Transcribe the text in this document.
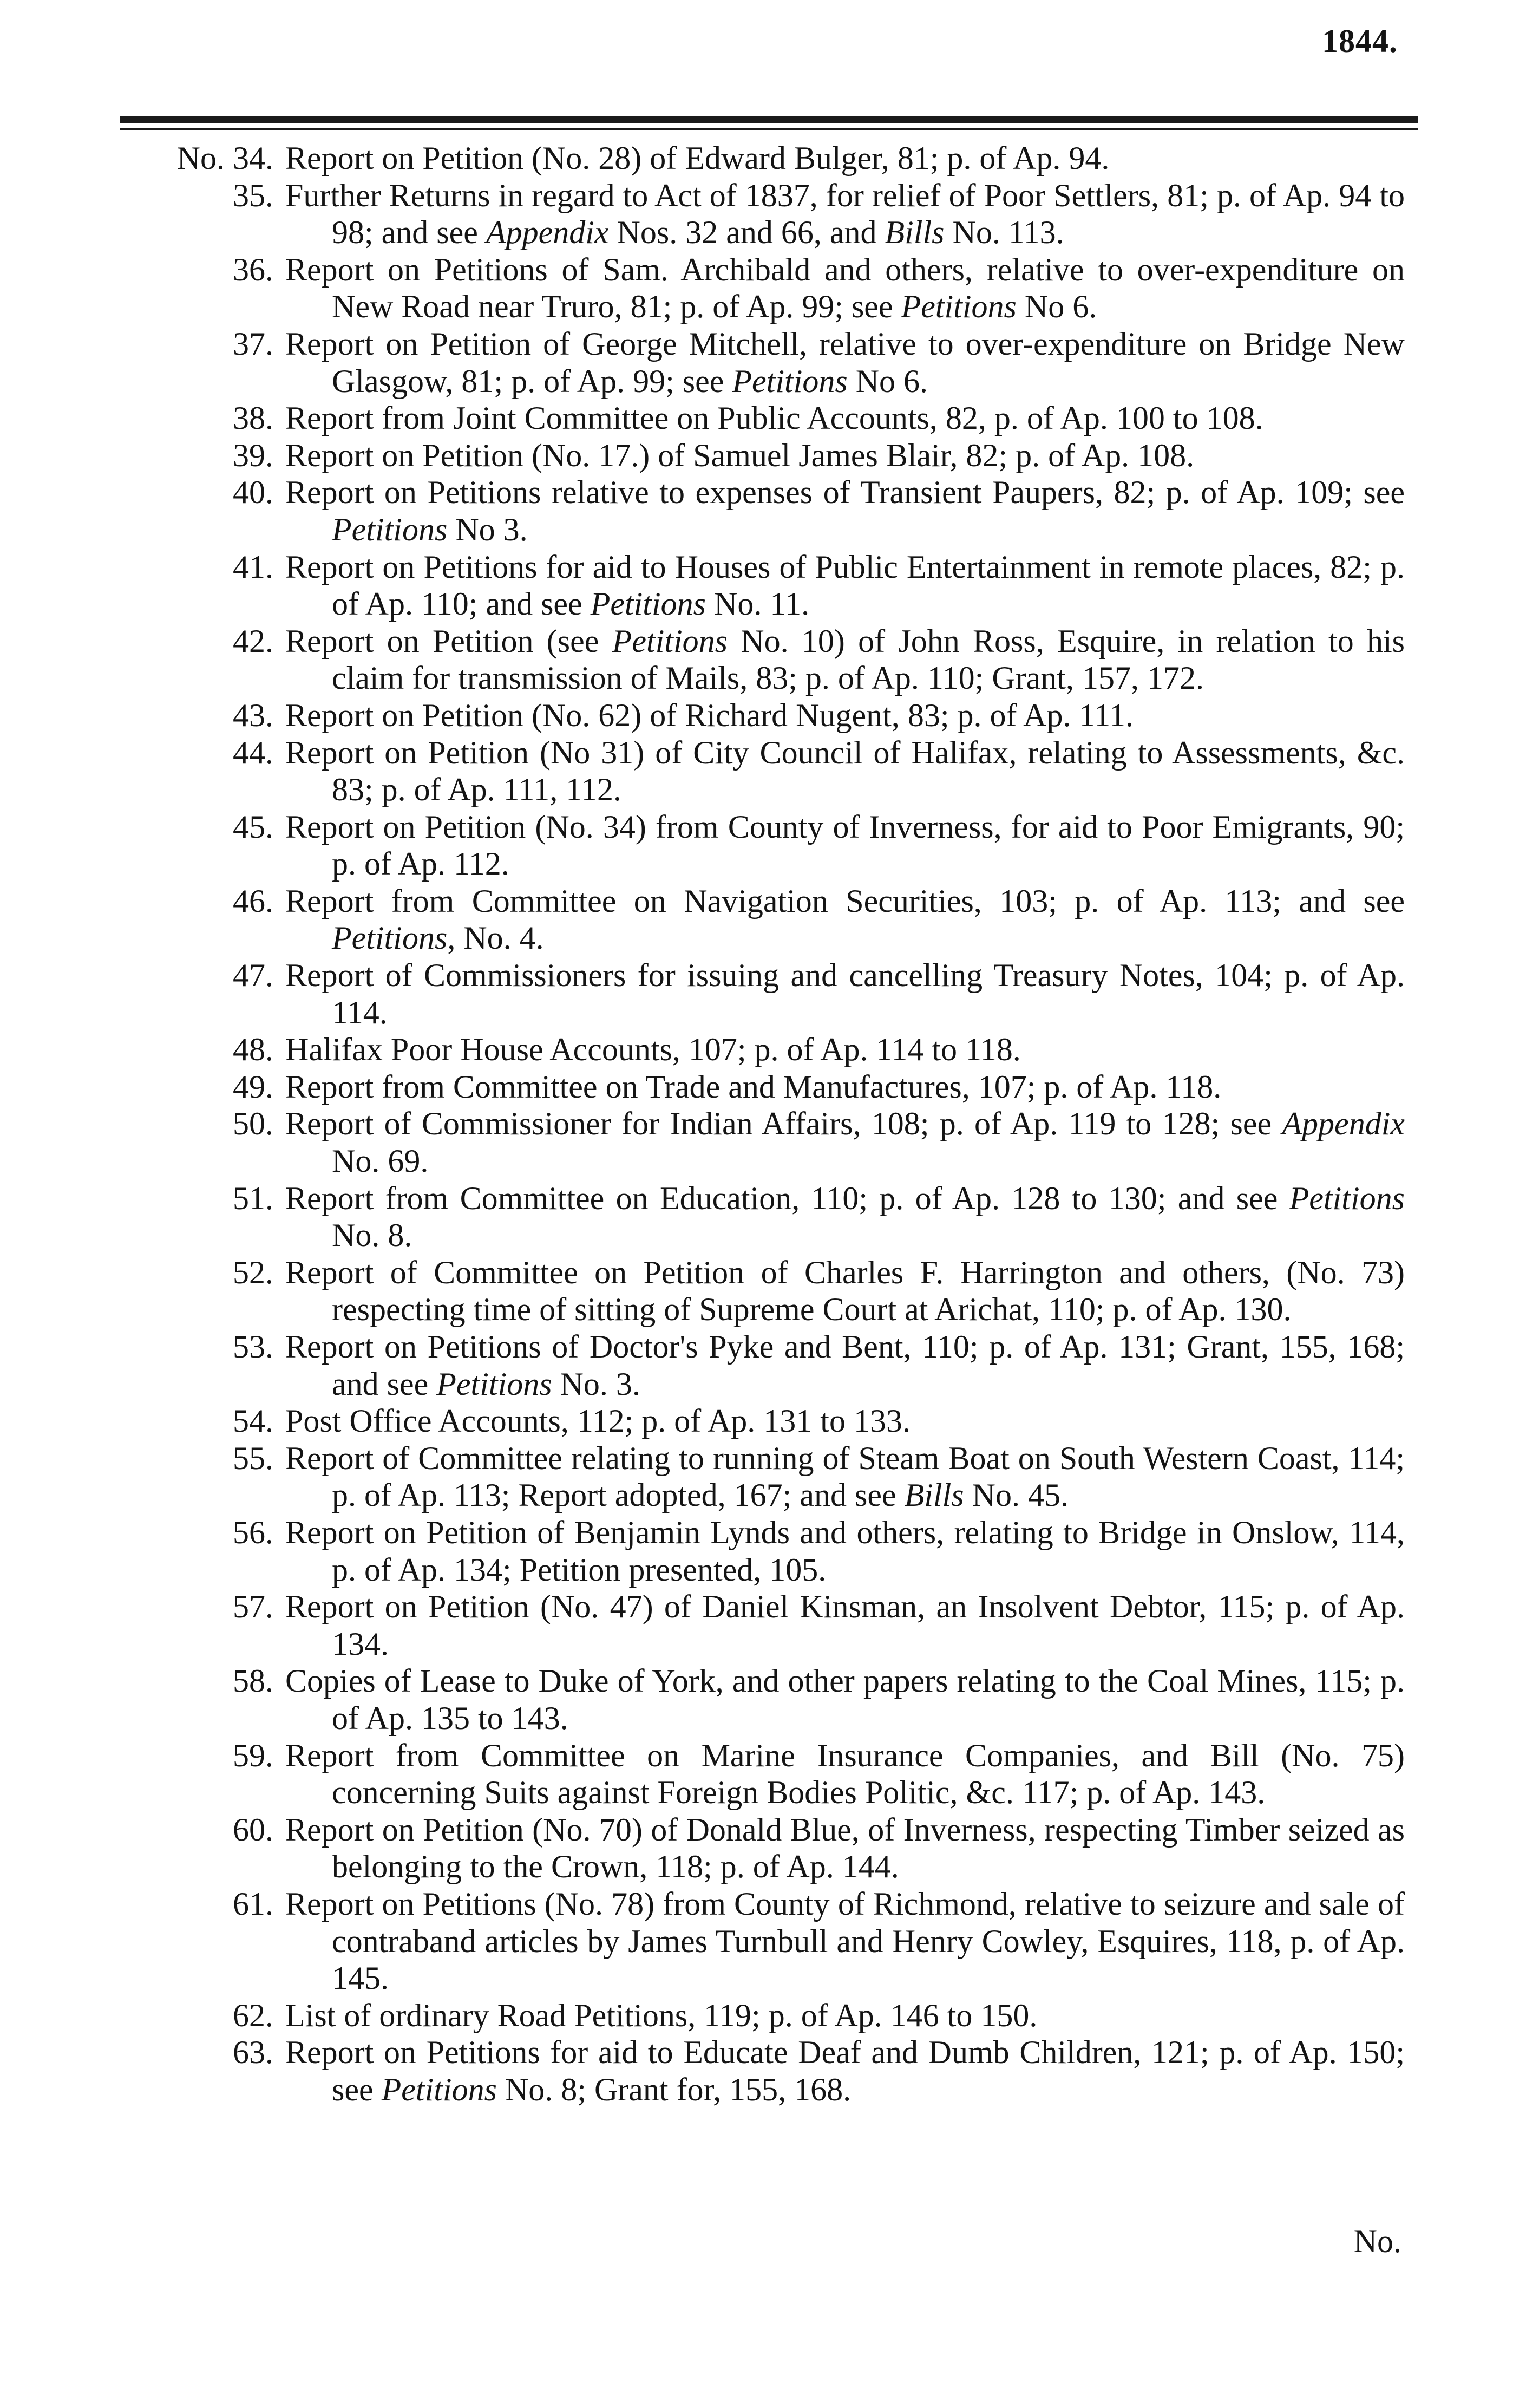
1844.
No. 34. Report on Petition (No. 28) of Edward Bulger, 81; p. of Ap. 94.
35. Further Returns in regard to Act of 1837, for relief of Poor Settlers, 81; p. of Ap. 94 to 98; and see Appendix Nos. 32 and 66, and Bills No. 113.
36. Report on Petitions of Sam. Archibald and others, relative to over-expenditure on New Road near Truro, 81; p. of Ap. 99; see Petitions No 6.
37. Report on Petition of George Mitchell, relative to over-expenditure on Bridge New Glasgow, 81; p. of Ap. 99; see Petitions No 6.
38. Report from Joint Committee on Public Accounts, 82, p. of Ap. 100 to 108.
39. Report on Petition (No. 17.) of Samuel James Blair, 82; p. of Ap. 108.
40. Report on Petitions relative to expenses of Transient Paupers, 82; p. of Ap. 109; see Petitions No 3.
41. Report on Petitions for aid to Houses of Public Entertainment in remote places, 82; p. of Ap. 110; and see Petitions No. 11.
42. Report on Petition (see Petitions No. 10) of John Ross, Esquire, in relation to his claim for transmission of Mails, 83; p. of Ap. 110; Grant, 157, 172.
43. Report on Petition (No. 62) of Richard Nugent, 83; p. of Ap. 111.
44. Report on Petition (No 31) of City Council of Halifax, relating to Assessments, &c. 83; p. of Ap. 111, 112.
45. Report on Petition (No. 34) from County of Inverness, for aid to Poor Emigrants, 90; p. of Ap. 112.
46. Report from Committee on Navigation Securities, 103; p. of Ap. 113; and see Petitions, No. 4.
47. Report of Commissioners for issuing and cancelling Treasury Notes, 104; p. of Ap. 114.
48. Halifax Poor House Accounts, 107; p. of Ap. 114 to 118.
49. Report from Committee on Trade and Manufactures, 107; p. of Ap. 118.
50. Report of Commissioner for Indian Affairs, 108; p. of Ap. 119 to 128; see Appendix No. 69.
51. Report from Committee on Education, 110; p. of Ap. 128 to 130; and see Petitions No. 8.
52. Report of Committee on Petition of Charles F. Harrington and others, (No. 73) respecting time of sitting of Supreme Court at Arichat, 110; p. of Ap. 130.
53. Report on Petitions of Doctor's Pyke and Bent, 110; p. of Ap. 131; Grant, 155, 168; and see Petitions No. 3.
54. Post Office Accounts, 112; p. of Ap. 131 to 133.
55. Report of Committee relating to running of Steam Boat on South Western Coast, 114; p. of Ap. 113; Report adopted, 167; and see Bills No. 45.
56. Report on Petition of Benjamin Lynds and others, relating to Bridge in Onslow, 114, p. of Ap. 134; Petition presented, 105.
57. Report on Petition (No. 47) of Daniel Kinsman, an Insolvent Debtor, 115; p. of Ap. 134.
58. Copies of Lease to Duke of York, and other papers relating to the Coal Mines, 115; p. of Ap. 135 to 143.
59. Report from Committee on Marine Insurance Companies, and Bill (No. 75) concerning Suits against Foreign Bodies Politic, &c. 117; p. of Ap. 143.
60. Report on Petition (No. 70) of Donald Blue, of Inverness, respecting Timber seized as belonging to the Crown, 118; p. of Ap. 144.
61. Report on Petitions (No. 78) from County of Richmond, relative to seizure and sale of contraband articles by James Turnbull and Henry Cowley, Esquires, 118, p. of Ap. 145.
62. List of ordinary Road Petitions, 119; p. of Ap. 146 to 150.
63. Report on Petitions for aid to Educate Deaf and Dumb Children, 121; p. of Ap. 150; see Petitions No. 8; Grant for, 155, 168.
No.
